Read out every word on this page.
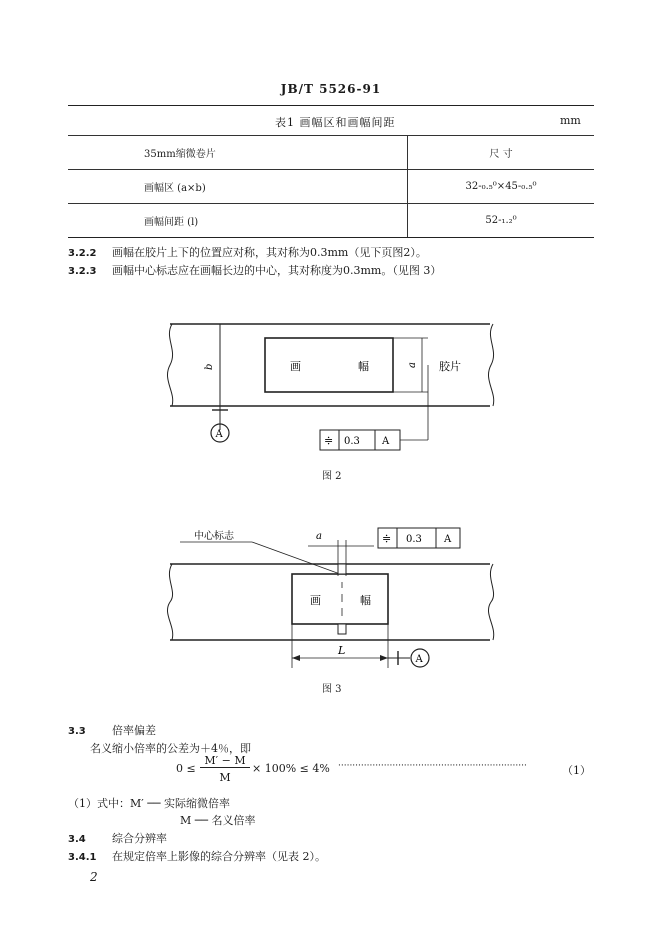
JB/T 5526-91
表1 画幅区和画幅间距	mm
35mm缩微卷片	尺 寸
画幅区 (a×b)	32-₀.₅⁰×45-₀.₅⁰
画幅间距 (l)	52-₁.₂⁰
3.2.2 画幅在胶片上下的位置应对称，其对称为0.3mm（见下页图2）。
3.2.3 画幅中心标志应在画幅长边的中心，其对称度为0.3mm。（见图 3）
画	幅
b
A
a 胶片
≑ 0.3 A
图 2
中心标志	a	≑ 0.3 A
画	幅
L
A
图 3
3.3 倍率偏差
名义缩小倍率的公差为＋4％，即
0 ≤
M′ − M
M
× 100% ≤ 4% ··································································	（1）
（1）式中：M′ ── 实际缩微倍率
M ── 名义倍率
3.4 综合分辨率
3.4.1 在规定倍率上影像的综合分辨率（见表 2）。
2
